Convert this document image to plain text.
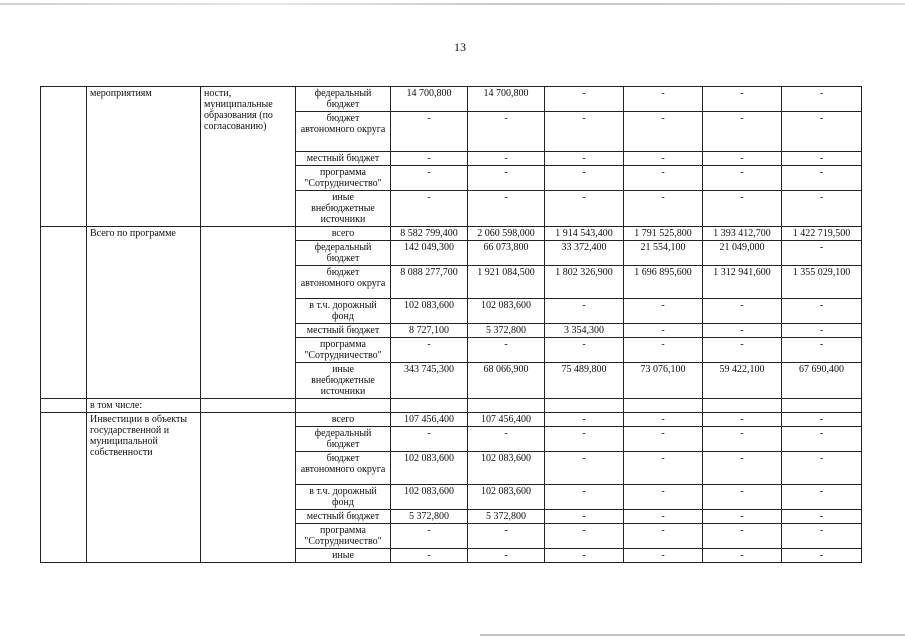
13
	мероприятиям	ности, муниципальные образования (по согласованию)	федеральный бюджет	14 700,800	14 700,800	-	-	-	-
			бюджет автономного округа	-	-	-	-	-	-
			местный бюджет	-	-	-	-	-	-
			программа "Сотрудничество"	-	-	-	-	-	-
			иные внебюджетные источники	-	-	-	-	-	-
	Всего по программе		всего	8 582 799,400	2 060 598,000	1 914 543,400	1 791 525,800	1 393 412,700	1 422 719,500
			федеральный бюджет	142 049,300	66 073,800	33 372,400	21 554,100	21 049,000	-
			бюджет автономного округа	8 088 277,700	1 921 084,500	1 802 326,900	1 696 895,600	1 312 941,600	1 355 029,100
			в т.ч. дорожный фонд	102 083,600	102 083,600	-	-	-	-
			местный бюджет	8 727,100	5 372,800	3 354,300	-	-	-
			программа "Сотрудничество"	-	-	-	-	-	-
			иные внебюджетные источники	343 745,300	68 066,900	75 489,800	73 076,100	59 422,100	67 690,400
	в том числе:								
	Инвестиции в объекты государственной и муниципальной собственности		всего	107 456,400	107 456,400	-	-	-	-
			федеральный бюджет	-	-	-	-	-	-
			бюджет автономного округа	102 083,600	102 083,600	-	-	-	-
			в т.ч. дорожный фонд	102 083,600	102 083,600	-	-	-	-
			местный бюджет	5 372,800	5 372,800	-	-	-	-
			программа "Сотрудничество"	-	-	-	-	-	-
			иные	-	-	-	-	-	-
